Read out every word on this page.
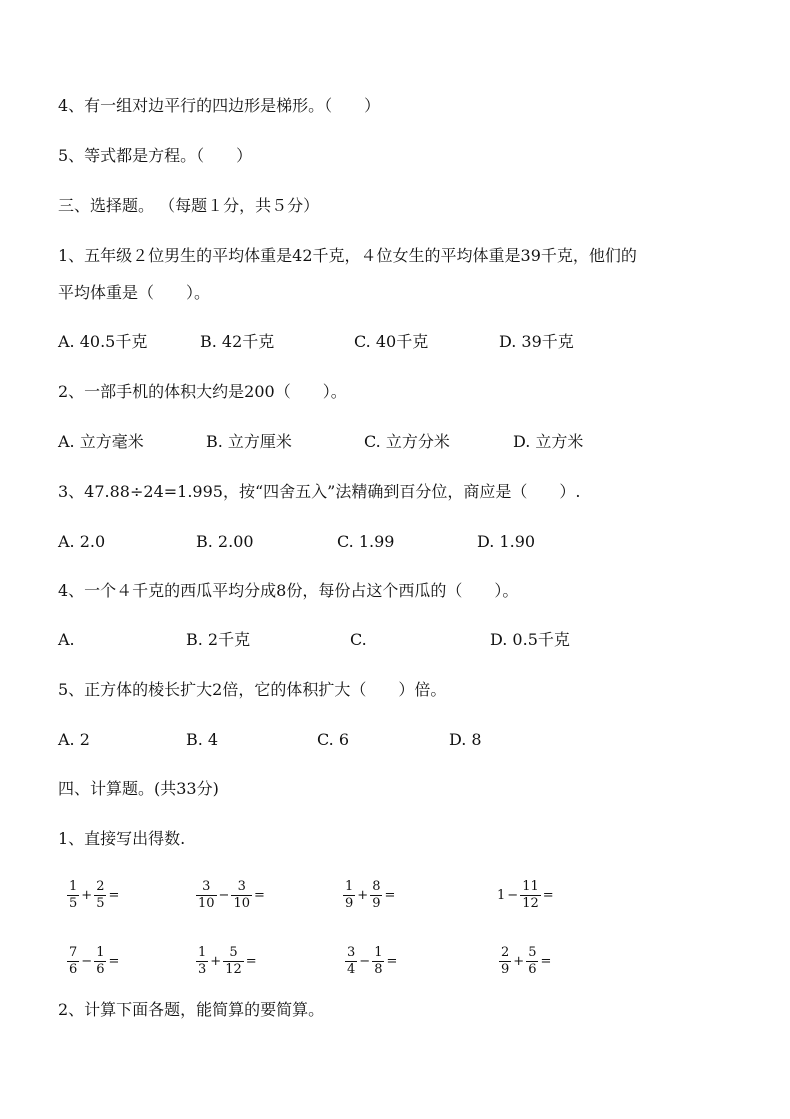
4、有一组对边平行的四边形是梯形。（　　）
5、等式都是方程。（　　）
三、选择题。 （每题１分，共５分）
1、五年级２位男生的平均体重是42千克，４位女生的平均体重是39千克，他们的
平均体重是（　　）。
A. 40.5千克	B. 42千克	C. 40千克	D. 39千克
2、一部手机的体积大约是200（　　）。
A. 立方毫米	B. 立方厘米	C. 立方分米	D. 立方米
3、47.88÷24=1.995，按“四舍五入”法精确到百分位，商应是（　　）.
A. 2.0	B. 2.00	C. 1.99	D. 1.90
4、一个４千克的西瓜平均分成8份，每份占这个西瓜的（　　）。
A.	B. 2千克	C.	D. 0.5千克
5、正方体的棱长扩大2倍，它的体积扩大（　　）倍。
A. 2	B. 4	C. 6	D. 8
四、计算题。(共33分)
1、直接写出得数.
$\frac{1}{5} + \frac{2}{5}$ =	$\frac{3}{10} - \frac{3}{10}$ =	$\frac{1}{9} + \frac{8}{9}$ =	$1 - \frac{11}{12}$ =
$\frac{7}{6} - \frac{1}{6}$ =	$\frac{1}{3} + \frac{5}{12}$ =	$\frac{3}{4} - \frac{1}{8}$ =	$\frac{2}{9} + \frac{5}{6}$ =
2、计算下面各题，能简算的要简算。
